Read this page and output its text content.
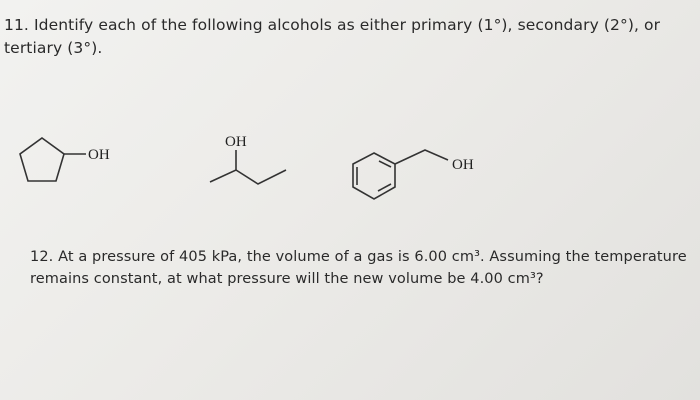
11. Identify each of the following alcohols as either primary (1°), secondary (2°), or
tertiary (3°).
OH
OH
OH
12. At a pressure of 405 kPa, the volume of a gas is 6.00 cm³. Assuming the temperature
remains constant, at what pressure will the new volume be 4.00 cm³?
